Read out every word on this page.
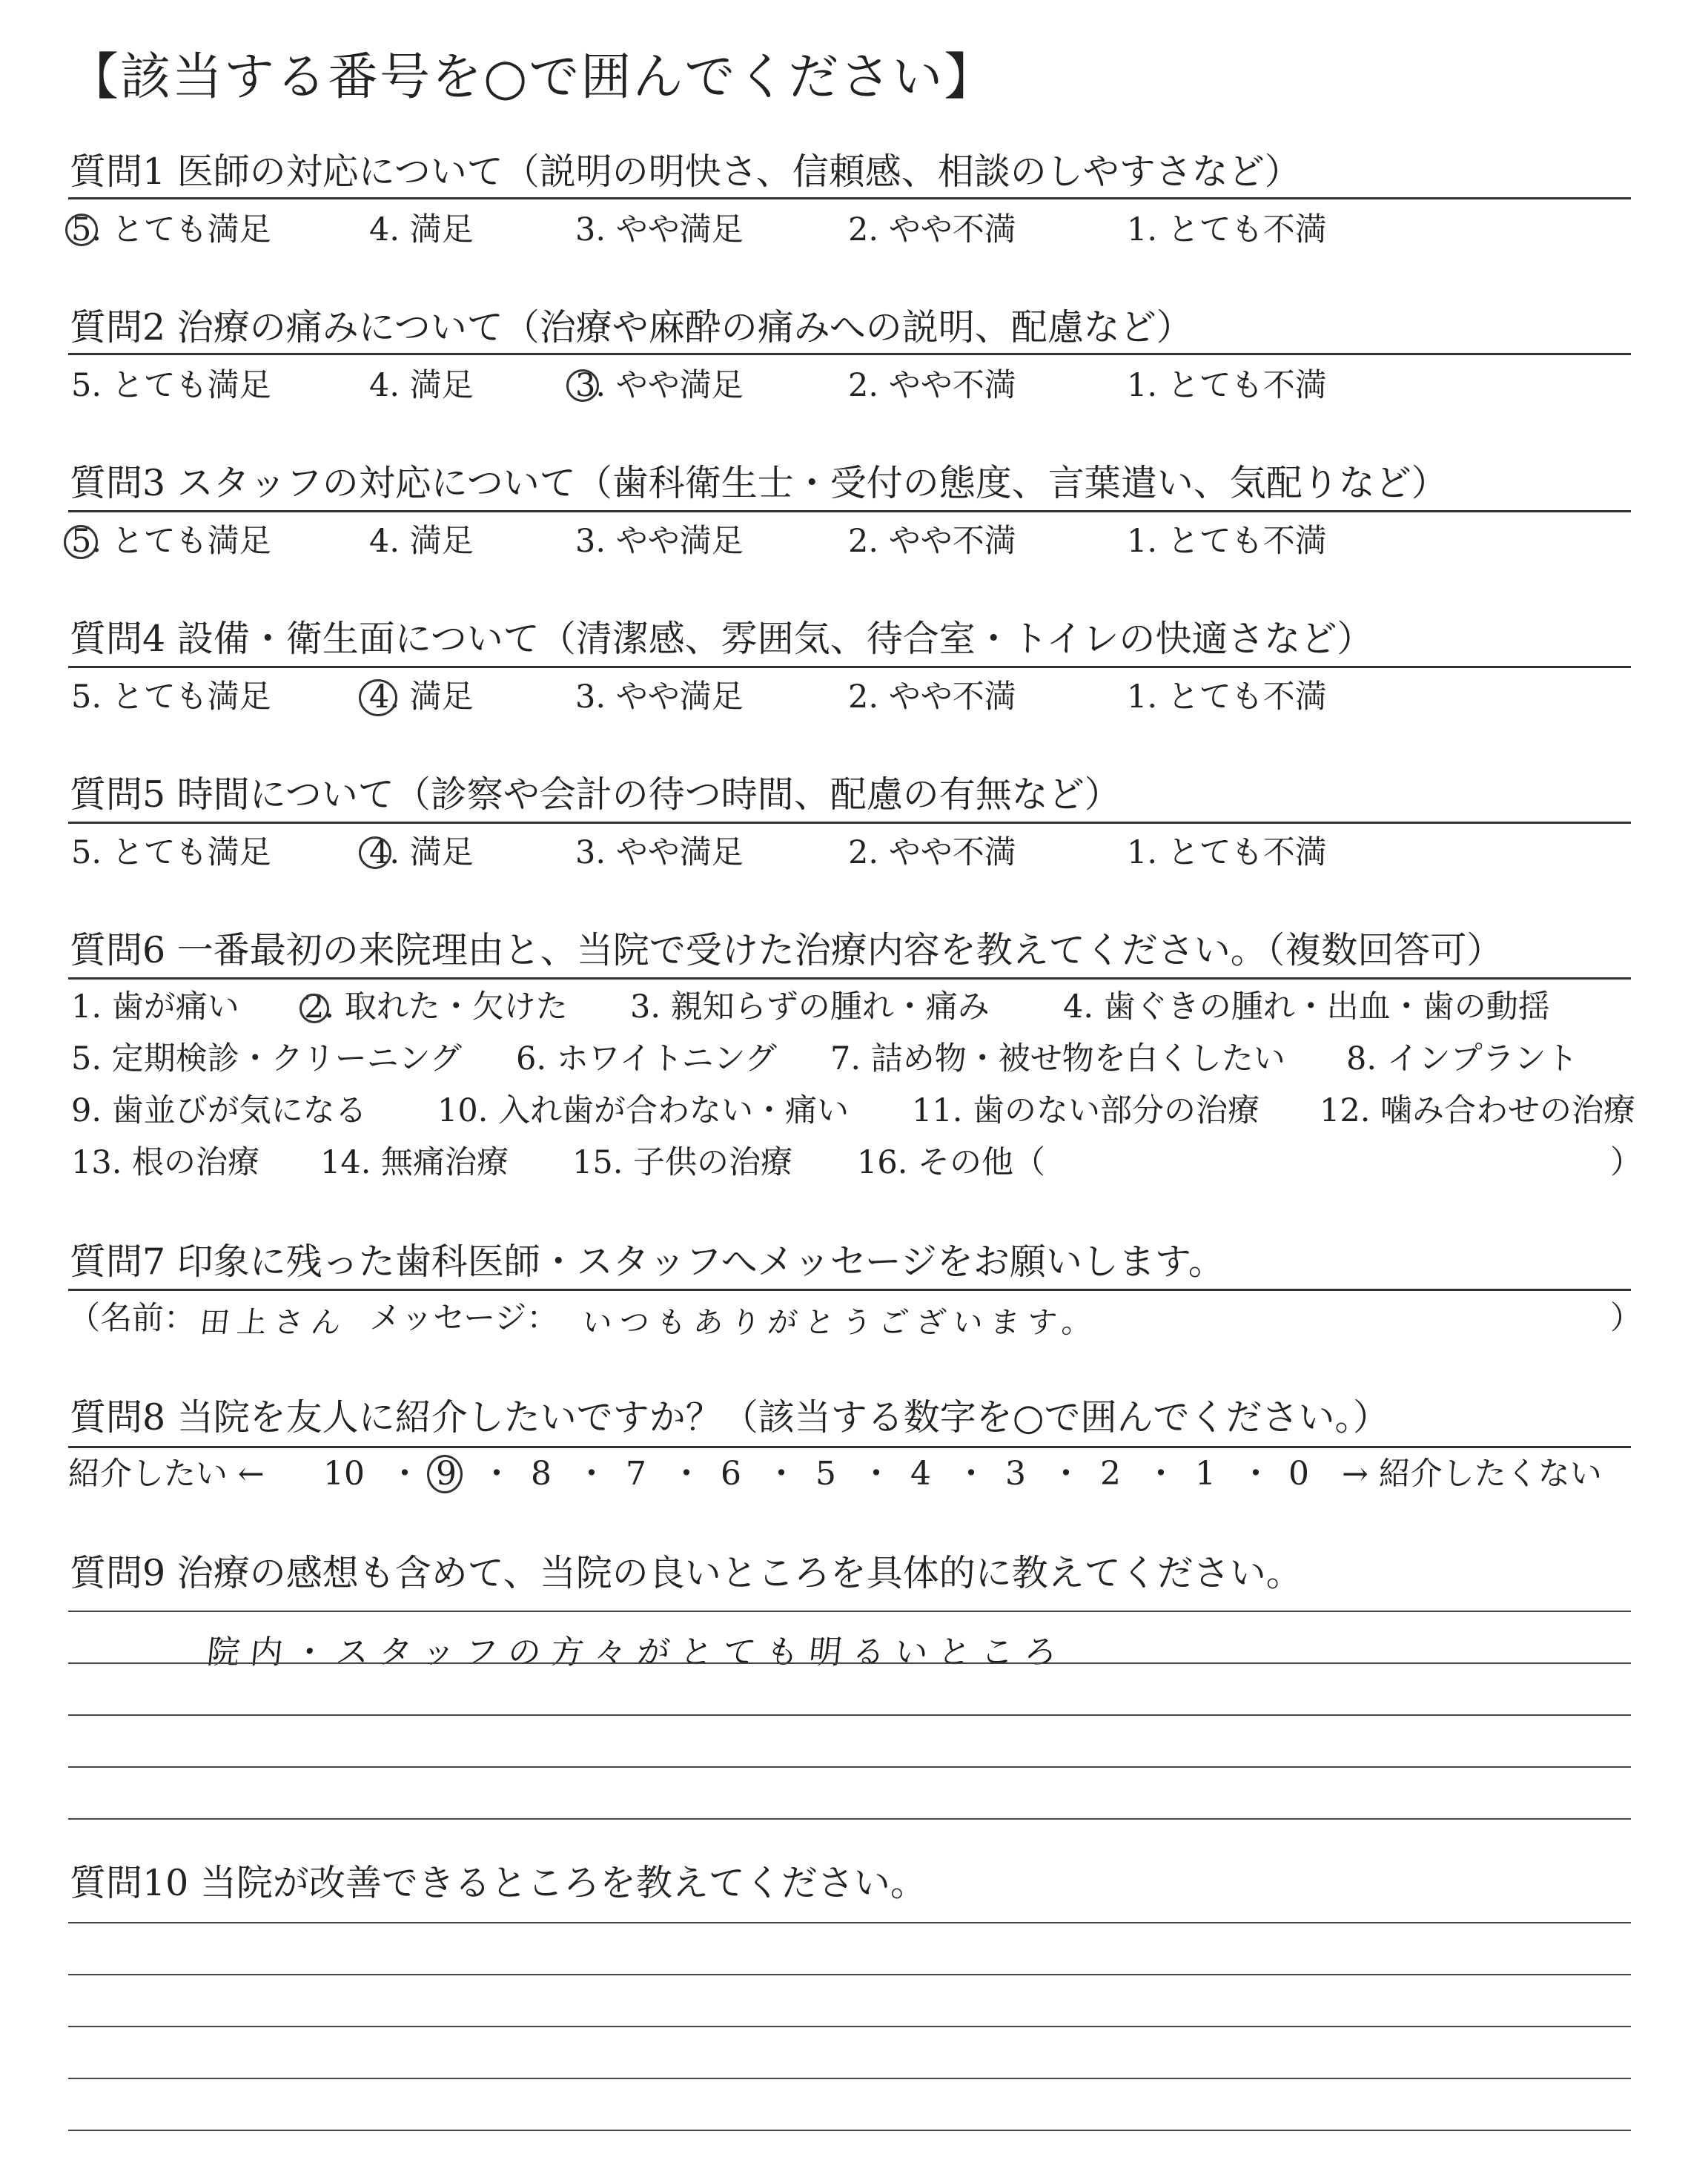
【該当する番号を○で囲んでください】
質問1 医師の対応について（説明の明快さ、信頼感、相談のしやすさなど）
5. とても満足	4. 満足	3. やや満足	2. やや不満	1. とても不満
質問2 治療の痛みについて（治療や麻酔の痛みへの説明、配慮など）
5. とても満足	4. 満足	3. やや満足	2. やや不満	1. とても不満
質問3 スタッフの対応について（歯科衛生士・受付の態度、言葉遣い、気配りなど）
5. とても満足	4. 満足	3. やや満足	2. やや不満	1. とても不満
質問4 設備・衛生面について（清潔感、雰囲気、待合室・トイレの快適さなど）
5. とても満足	4. 満足	3. やや満足	2. やや不満	1. とても不満
質問5 時間について（診察や会計の待つ時間、配慮の有無など）
5. とても満足	4. 満足	3. やや満足	2. やや不満	1. とても不満
質問6 一番最初の来院理由と、当院で受けた治療内容を教えてください。（複数回答可）
1. 歯が痛い 2. 取れた・欠けた 3. 親知らずの腫れ・痛み 4. 歯ぐきの腫れ・出血・歯の動揺
5. 定期検診・クリーニング 6. ホワイトニング 7. 詰め物・被せ物を白くしたい 8. インプラント
9. 歯並びが気になる 10. 入れ歯が合わない・痛い 11. 歯のない部分の治療 12. 噛み合わせの治療
13. 根の治療 14. 無痛治療 15. 子供の治療 16. その他（	）
質問7 印象に残った歯科医師・スタッフへメッセージをお願いします。
（名前： 田上さん メッセージ： いつもありがとうございます。	）
質問8 当院を友人に紹介したいですか？（該当する数字を○で囲んでください。）
紹介したい ← 10 ・ 9 ・ 8 ・ 7 ・ 6 ・ 5 ・ 4 ・ 3 ・ 2 ・ 1 ・ 0 → 紹介したくない
質問9 治療の感想も含めて、当院の良いところを具体的に教えてください。
院内・スタッフの方々がとても明るいところ
質問10 当院が改善できるところを教えてください。
